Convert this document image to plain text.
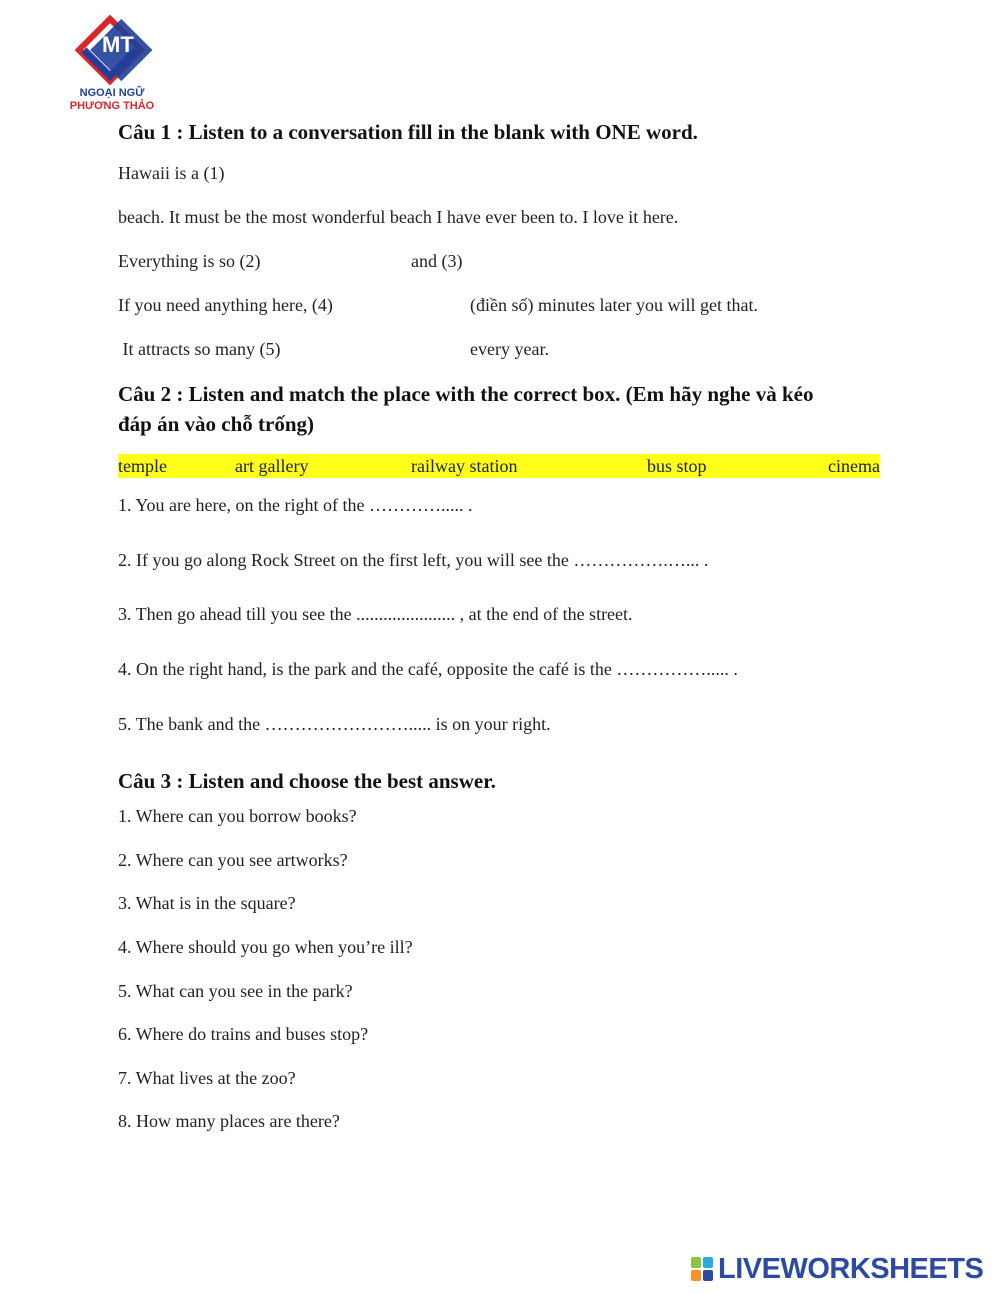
MT
NGOẠI NGỮ
PHƯƠNG THẢO
Câu 1 : Listen to a conversation fill in the blank with ONE word.
Hawaii is a (1)
beach. It must be the most wonderful beach I have ever been to. I love it here.
Everything is so (2)	and (3)
If you need anything here, (4)	(điền số) minutes later you will get that.
It attracts so many (5)	every year.
Câu 2 : Listen and match the place with the correct box. (Em hãy nghe và kéo
đáp án vào chỗ trống)
temple	art gallery	railway station	bus stop	cinema
1. You are here, on the right of the …………..... .
2. If you go along Rock Street on the first left, you will see the …………….…... .
3. Then go ahead till you see the ...................... , at the end of the street.
4. On the right hand, is the park and the café, opposite the café is the ……………..... .
5. The bank and the ……………………..... is on your right.
Câu 3 : Listen and choose the best answer.
1. Where can you borrow books?
2. Where can you see artworks?
3. What is in the square?
4. Where should you go when you’re ill?
5. What can you see in the park?
6. Where do trains and buses stop?
7. What lives at the zoo?
8. How many places are there?
LIVEWORKSHEETS
